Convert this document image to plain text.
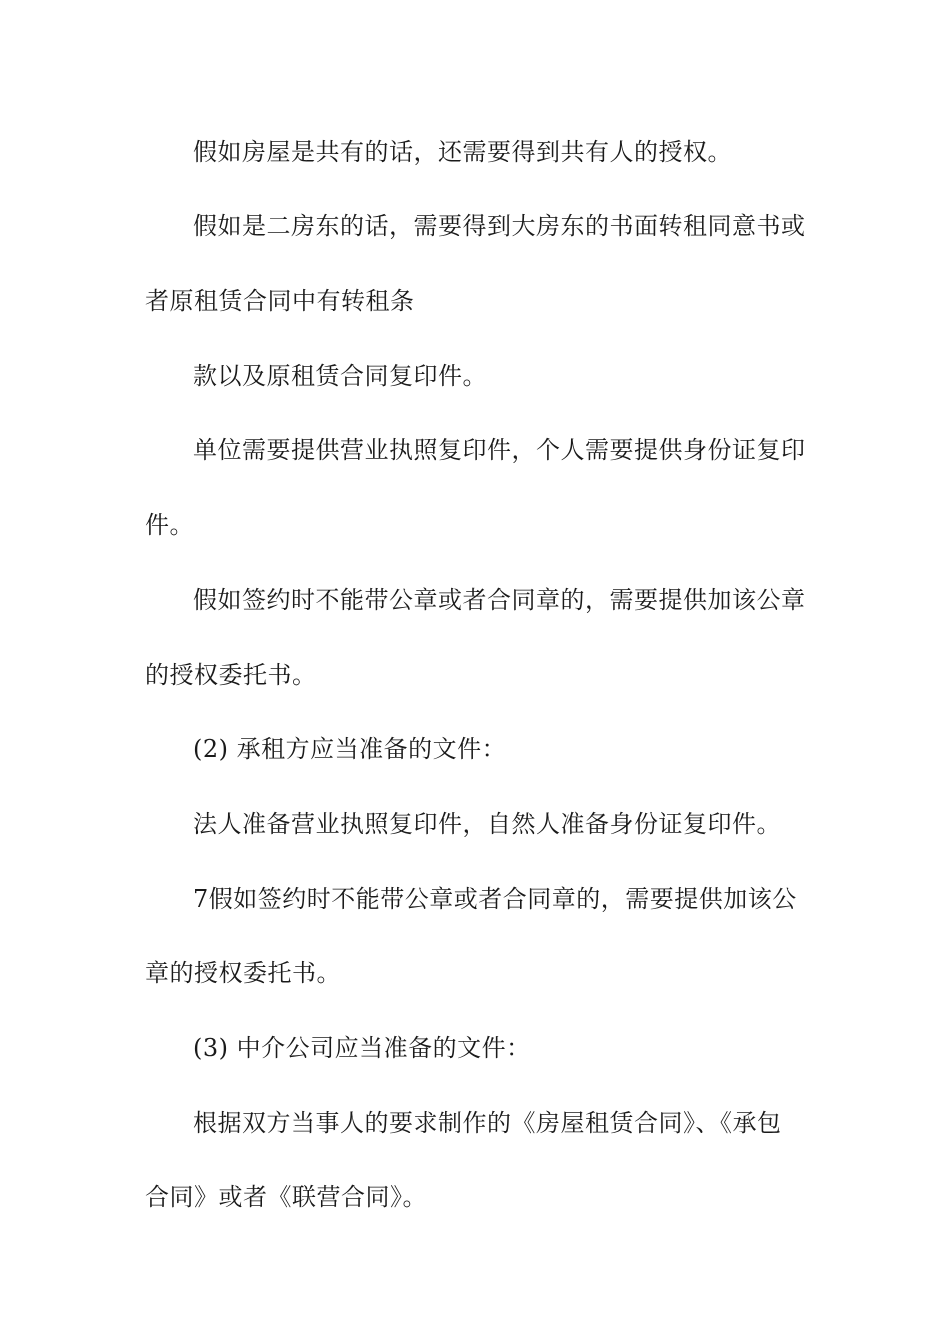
假如房屋是共有的话，还需要得到共有人的授权。
假如是二房东的话，需要得到大房东的书面转租同意书或
者原租赁合同中有转租条
款以及原租赁合同复印件。
单位需要提供营业执照复印件，个人需要提供身份证复印
件。
假如签约时不能带公章或者合同章的，需要提供加该公章
的授权委托书。
(2) 承租方应当准备的文件：
法人准备营业执照复印件，自然人准备身份证复印件。
7假如签约时不能带公章或者合同章的，需要提供加该公
章的授权委托书。
(3) 中介公司应当准备的文件：
根据双方当事人的要求制作的《房屋租赁合同》、《承包
合同》或者《联营合同》。
